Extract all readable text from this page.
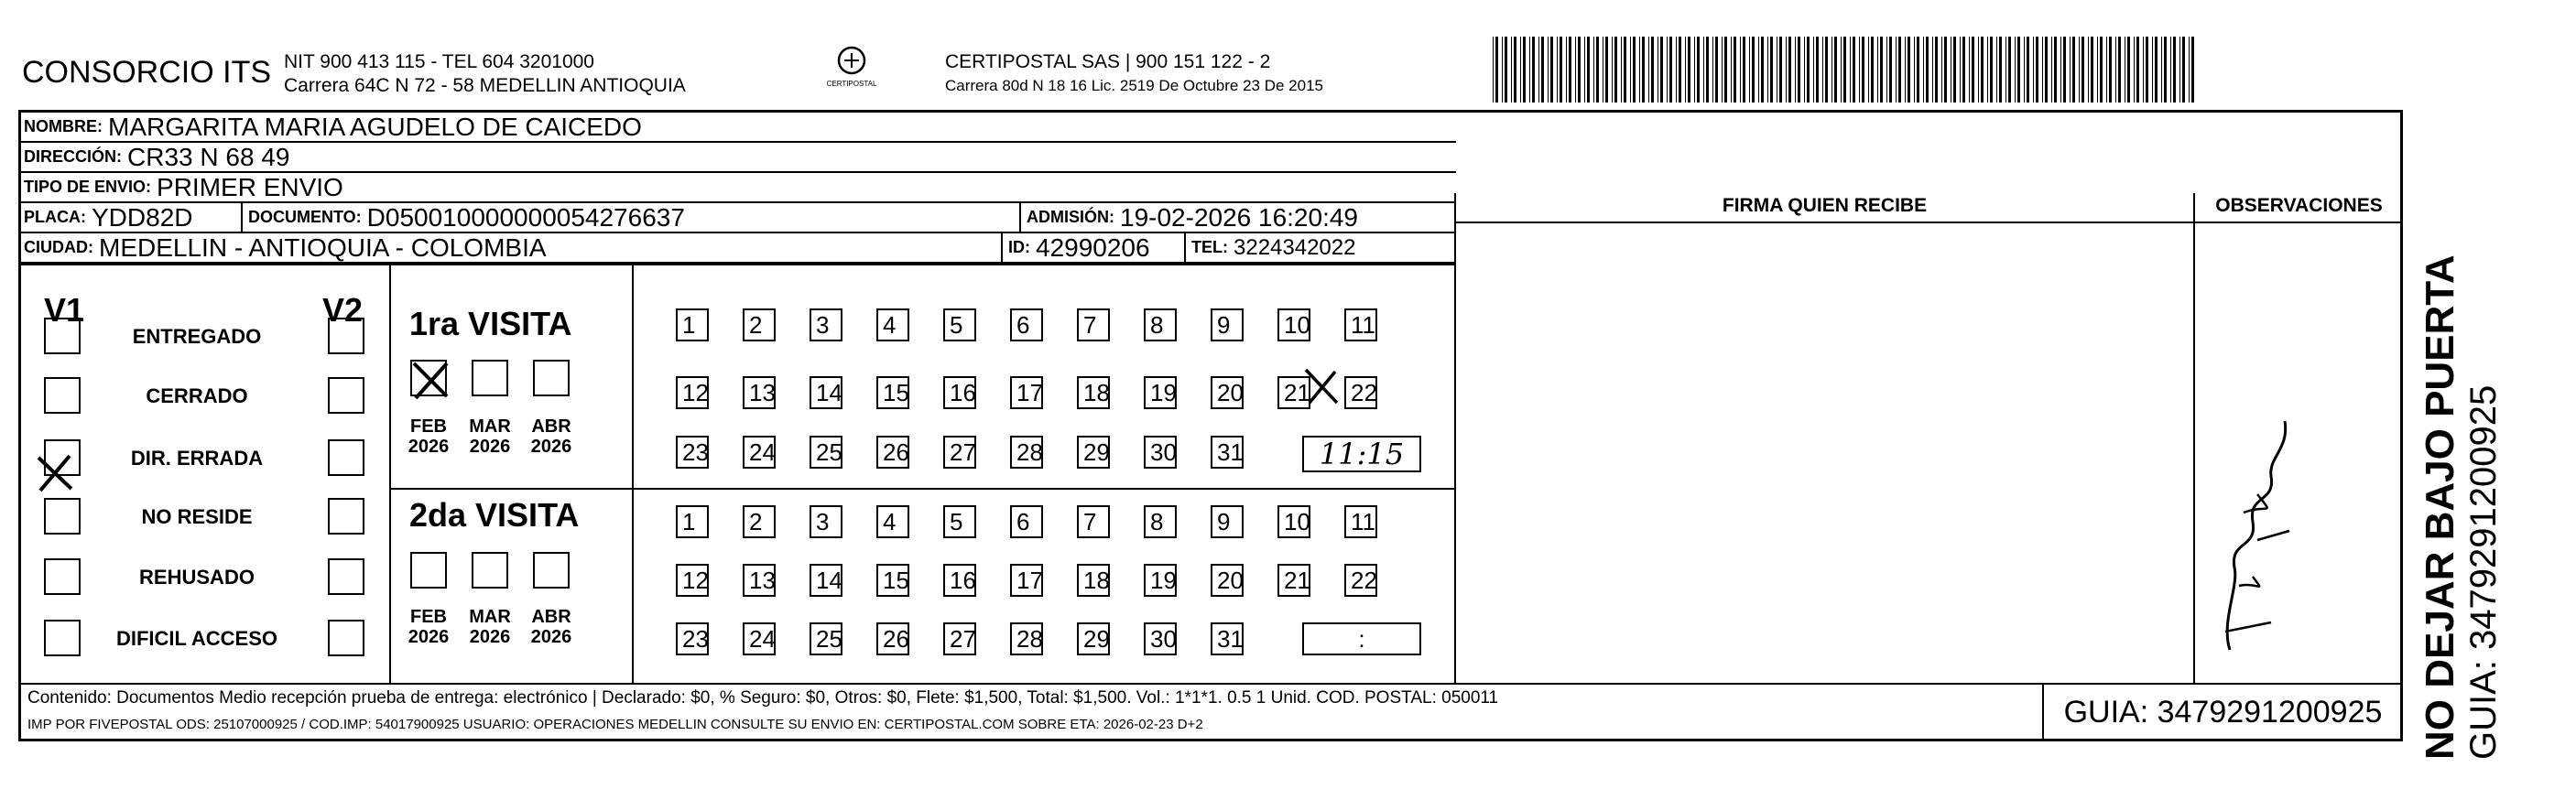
CONSORCIO ITS NIT 900 413 115 - TEL 604 3201000
Carrera 64C N 72 - 58 MEDELLIN ANTIOQUIA	CERTIPOSTAL
CERTIPOSTAL SAS | 900 151 122 - 2
Carrera 80d N 18 16 Lic. 2519 De Octubre 23 De 2015
NOMBRE: MARGARITA MARIA AGUDELO DE CAICEDO
DIRECCIÓN: CR33 N 68 49
TIPO DE ENVIO: PRIMER ENVIO
PLACA: YDD82D	DOCUMENTO: D050010000000054276637	ADMISIÓN: 19-02-2026 16:20:49
CIUDAD: MEDELLIN - ANTIOQUIA - COLOMBIA	ID: 42990206	TEL: 3224342022
FIRMA QUIEN RECIBE	OBSERVACIONES
V1	V2
ENTREGADO
CERRADO
DIR. ERRADA
NO RESIDE
REHUSADO
DIFICIL ACCESO
1ra VISITA
2da VISITA
FEB
2026
MAR
2026
ABR
2026
1	2	3	4	5	6	7	8	9	10 11
12 13 14 15 16 17 18 19 20 21 22
23 24 25 26 27 28 29 30 31
FEB
2026
MAR
2026
ABR
2026
1	2	3	4	5	6	7	8	9	10 11
12 13 14 15 16 17 18 19 20 21 22
23 24 25 26 27 28 29 30 31	:
11:15
Contenido: Documentos Medio recepción prueba de entrega: electrónico | Declarado: $0, % Seguro: $0, Otros: $0, Flete: $1,500, Total: $1,500. Vol.: 1*1*1. 0.5 1 Unid. COD. POSTAL: 050011
IMP POR FIVEPOSTAL ODS: 25107000925 / COD.IMP: 54017900925 USUARIO: OPERACIONES MEDELLIN CONSULTE SU ENVIO EN: CERTIPOSTAL.COM SOBRE ETA: 2026-02-23 D+2	GUIA: 3479291200925 NO DEJAR BAJO PUERTA GUIA: 3479291200925
